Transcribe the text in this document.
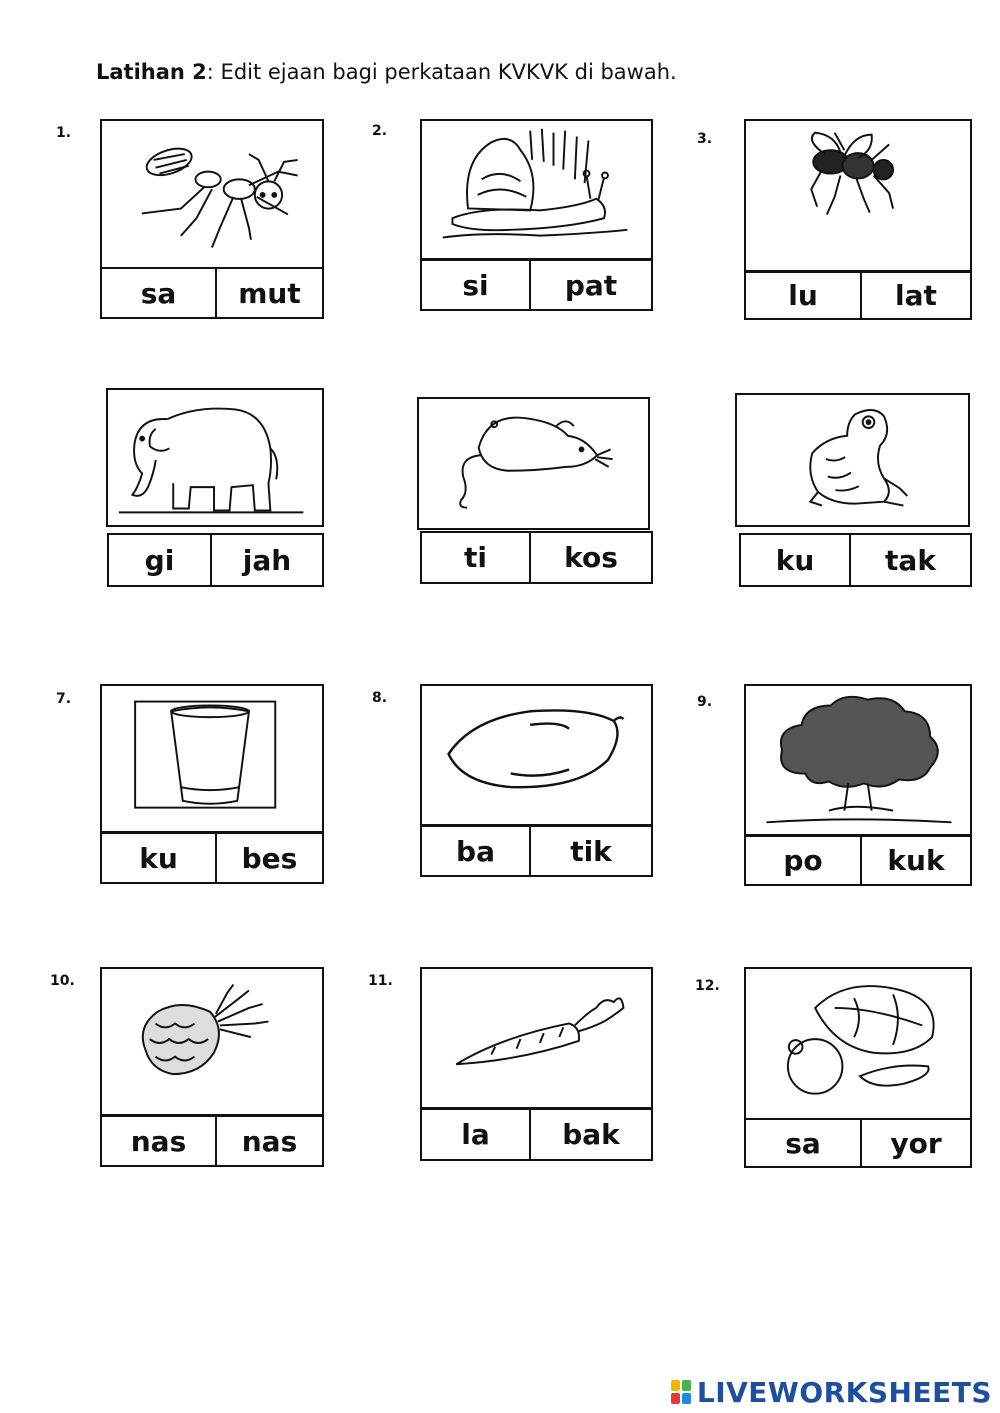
Latihan 2: Edit ejaan bagi perkataan KVKVK di bawah.
1.
sa	mut
2.
si	pat
3.
lu	lat
gi	jah	ti	kos	ku	tak
7.
ku	bes
8.
ba	tik
9.
po	kuk
10.
nas	nas
11.
la	bak
12.
sa	yor
LIVEWORKSHEETS
